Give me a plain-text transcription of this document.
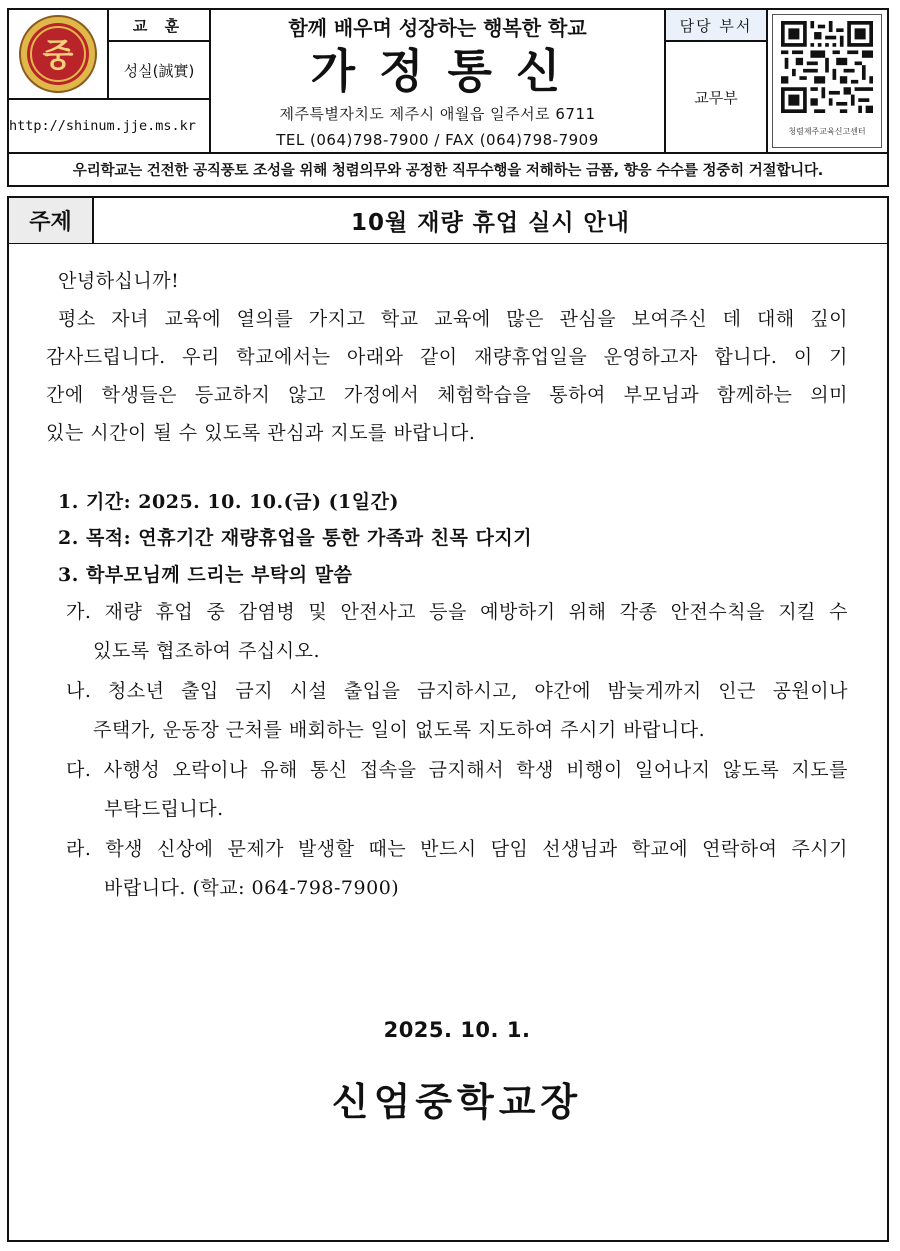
중
교 훈
성실(誠實)
http://shinum.jje.ms.kr
함께 배우며 성장하는 행복한 학교
가 정 통 신
제주특별자치도 제주시 애월읍 일주서로 6711
TEL (064)798-7900 / FAX (064)798-7909
담당 부서
교무부
청렴제주교육신고센터
우리학교는 건전한 공직풍토 조성을 위해 청렴의무와 공정한 직무수행을 저해하는 금품, 향응 수수를 정중히 거절합니다.
주제	10월 재량 휴업 실시 안내
안녕하십니까!
평소 자녀 교육에 열의를 가지고 학교 교육에 많은 관심을 보여주신 데 대해 깊이
감사드립니다. 우리 학교에서는 아래와 같이 재량휴업일을 운영하고자 합니다. 이 기
간에 학생들은 등교하지 않고 가정에서 체험학습을 통하여 부모님과 함께하는 의미
있는 시간이 될 수 있도록 관심과 지도를 바랍니다.
1. 기간: 2025. 10. 10.(금) (1일간)
2. 목적: 연휴기간 재량휴업을 통한 가족과 친목 다지기
3. 학부모님께 드리는 부탁의 말씀
가. 재량 휴업 중 감염병 및 안전사고 등을 예방하기 위해 각종 안전수칙을 지킬 수
있도록 협조하여 주십시오.
나. 청소년 출입 금지 시설 출입을 금지하시고, 야간에 밤늦게까지 인근 공원이나
주택가, 운동장 근처를 배회하는 일이 없도록 지도하여 주시기 바랍니다.
다. 사행성 오락이나 유해 통신 접속을 금지해서 학생 비행이 일어나지 않도록 지도를
부탁드립니다.
라. 학생 신상에 문제가 발생할 때는 반드시 담임 선생님과 학교에 연락하여 주시기
바랍니다. (학교: 064-798-7900)
2025. 10. 1.
신엄중학교장
